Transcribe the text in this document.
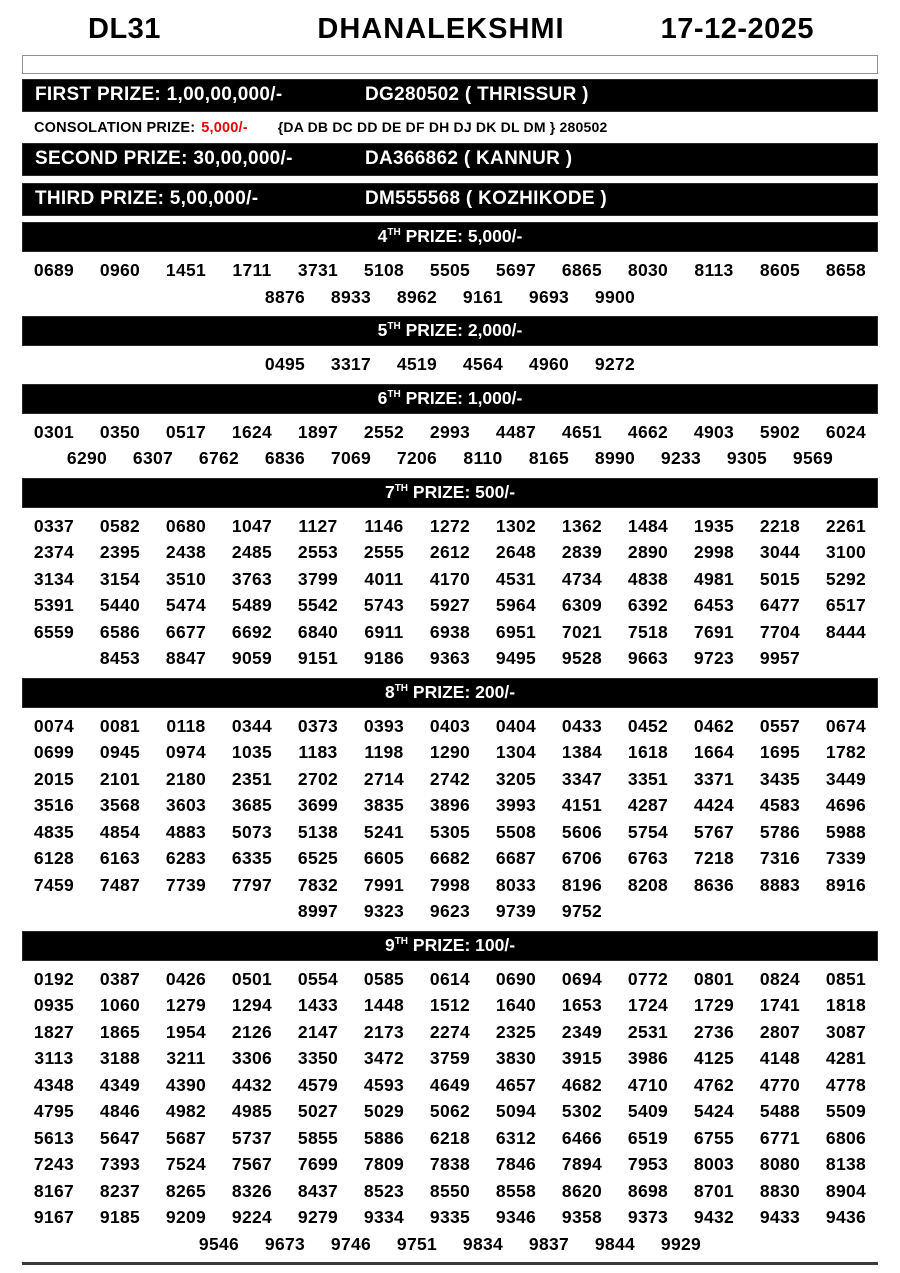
DL31	DHANALEKSHMI	17-12-2025
FIRST PRIZE: 1,00,00,000/-	DG280502 ( THRISSUR )
CONSOLATION PRIZE: 5,000/- {DA DB DC DD DE DF DH DJ DK DL DM } 280502
SECOND PRIZE: 30,00,000/-	DA366862 ( KANNUR )
THIRD PRIZE: 5,00,000/-	DM555568 ( KOZHIKODE )
4TH PRIZE: 5,000/-
0689 0960 1451 1711 3731 5108 5505 5697 6865 8030 8113 8605 8658
8876 8933 8962 9161 9693 9900
5TH PRIZE: 2,000/-
0495 3317 4519 4564 4960 9272
6TH PRIZE: 1,000/-
0301 0350 0517 1624 1897 2552 2993 4487 4651 4662 4903 5902 6024
6290 6307 6762 6836 7069 7206 8110 8165 8990 9233 9305 9569
7TH PRIZE: 500/-
0337 0582 0680 1047 1127 1146 1272 1302 1362 1484 1935 2218 2261
2374 2395 2438 2485 2553 2555 2612 2648 2839 2890 2998 3044 3100
3134 3154 3510 3763 3799 4011 4170 4531 4734 4838 4981 5015 5292
5391 5440 5474 5489 5542 5743 5927 5964 6309 6392 6453 6477 6517
6559 6586 6677 6692 6840 6911 6938 6951 7021 7518 7691 7704 8444
8453 8847 9059 9151 9186 9363 9495 9528 9663 9723 9957
8TH PRIZE: 200/-
0074 0081 0118 0344 0373 0393 0403 0404 0433 0452 0462 0557 0674
0699 0945 0974 1035 1183 1198 1290 1304 1384 1618 1664 1695 1782
2015 2101 2180 2351 2702 2714 2742 3205 3347 3351 3371 3435 3449
3516 3568 3603 3685 3699 3835 3896 3993 4151 4287 4424 4583 4696
4835 4854 4883 5073 5138 5241 5305 5508 5606 5754 5767 5786 5988
6128 6163 6283 6335 6525 6605 6682 6687 6706 6763 7218 7316 7339
7459 7487 7739 7797 7832 7991 7998 8033 8196 8208 8636 8883 8916
8997 9323 9623 9739 9752
9TH PRIZE: 100/-
0192 0387 0426 0501 0554 0585 0614 0690 0694 0772 0801 0824 0851
0935 1060 1279 1294 1433 1448 1512 1640 1653 1724 1729 1741 1818
1827 1865 1954 2126 2147 2173 2274 2325 2349 2531 2736 2807 3087
3113 3188 3211 3306 3350 3472 3759 3830 3915 3986 4125 4148 4281
4348 4349 4390 4432 4579 4593 4649 4657 4682 4710 4762 4770 4778
4795 4846 4982 4985 5027 5029 5062 5094 5302 5409 5424 5488 5509
5613 5647 5687 5737 5855 5886 6218 6312 6466 6519 6755 6771 6806
7243 7393 7524 7567 7699 7809 7838 7846 7894 7953 8003 8080 8138
8167 8237 8265 8326 8437 8523 8550 8558 8620 8698 8701 8830 8904
9167 9185 9209 9224 9279 9334 9335 9346 9358 9373 9432 9433 9436
9546 9673 9746 9751 9834 9837 9844 9929
